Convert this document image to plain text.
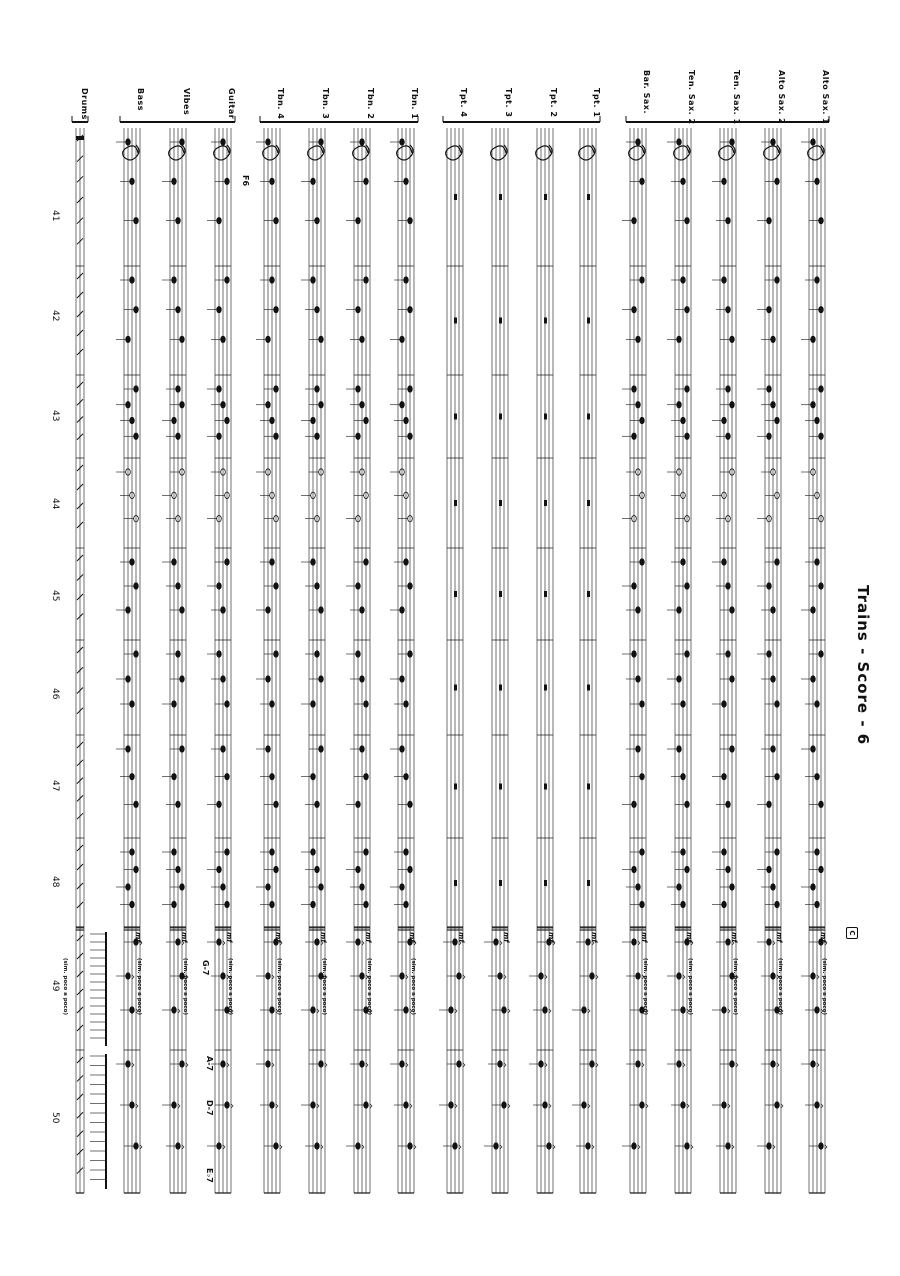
Trains - Score - 6
C
F6
G-7
A-7
D-7
E♭7
Alto Sax. 1
(sim. poco a poco)
mf
Alto Sax. 2
(sim. poco a poco)
mf
Ten. Sax. 1
(sim. poco a poco)
mf
Ten. Sax. 2
(sim. poco a poco)
mf
Bar. Sax.
(sim. poco a poco)
mf
Tpt. 1
mf
Tpt. 2
mf
Tpt. 3
mf
Tpt. 4
mf
Tbn. 1
(sim. poco a poco)
mf
Tbn. 2
(sim. poco a poco)
mf
Tbn. 3
(sim. poco a poco)
mf
Tbn. 4
(sim. poco a poco)
mf
Guitar
(sim. poco a poco)
mf
Vibes
(sim. poco a poco)
mf
Bass
(sim. poco a poco)
mf
Drums
(sim. poco a poco)
41
42
43
44
45
46
47
48
49
50
